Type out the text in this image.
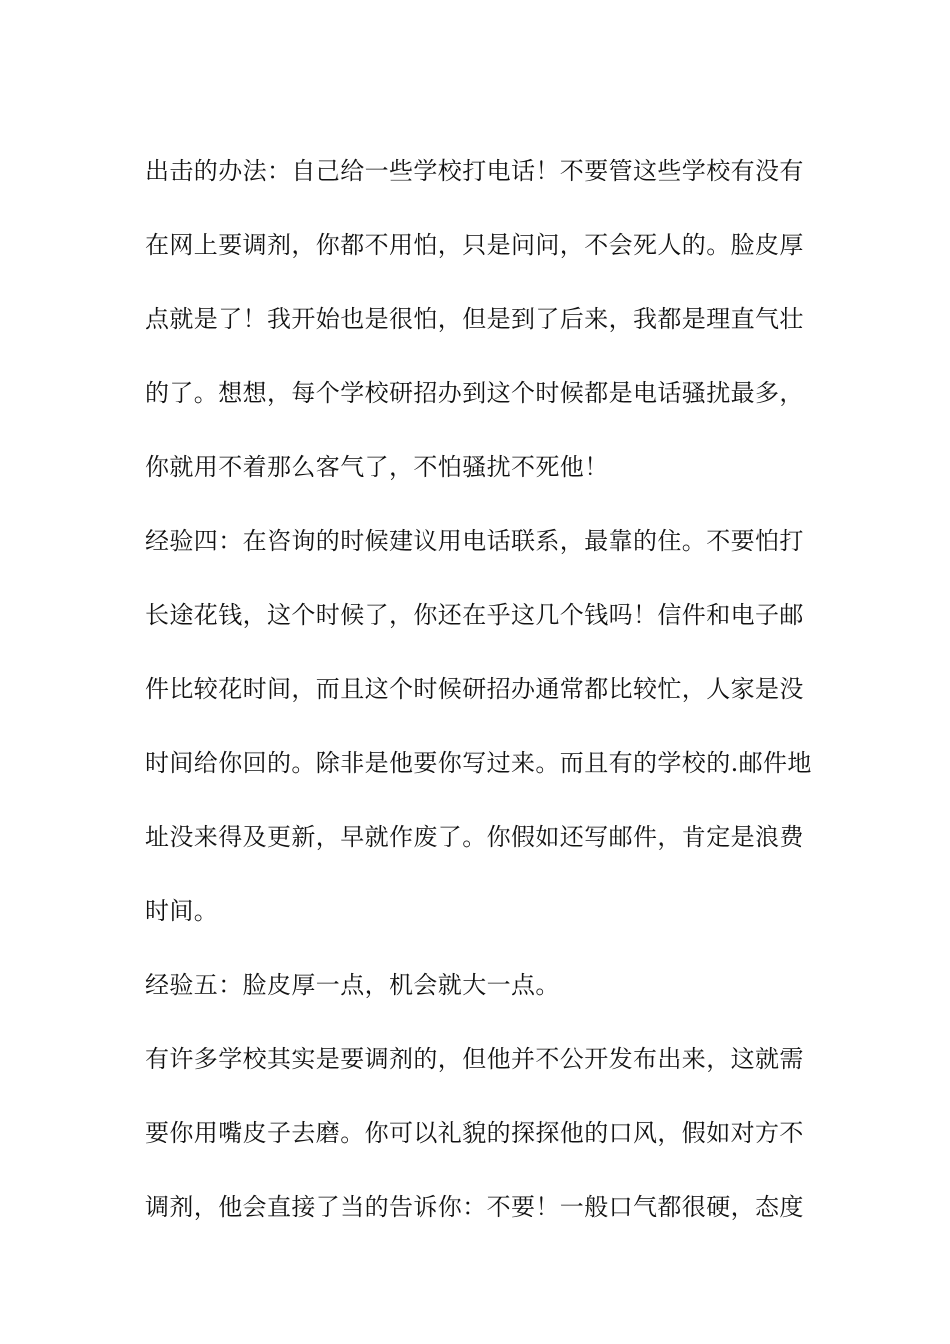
出击的办法：自己给一些学校打电话！不要管这些学校有没有
在网上要调剂，你都不用怕，只是问问，不会死人的。脸皮厚
点就是了！我开始也是很怕，但是到了后来，我都是理直气壮
的了。想想，每个学校研招办到这个时候都是电话骚扰最多，
你就用不着那么客气了，不怕骚扰不死他！
经验四：在咨询的时候建议用电话联系，最靠的住。不要怕打
长途花钱，这个时候了，你还在乎这几个钱吗！信件和电子邮
件比较花时间，而且这个时候研招办通常都比较忙，人家是没
时间给你回的。除非是他要你写过来。而且有的学校的.邮件地
址没来得及更新，早就作废了。你假如还写邮件，肯定是浪费
时间。
经验五：脸皮厚一点，机会就大一点。
有许多学校其实是要调剂的，但他并不公开发布出来，这就需
要你用嘴皮子去磨。你可以礼貌的探探他的口风，假如对方不
调剂，他会直接了当的告诉你：不要！一般口气都很硬，态度
